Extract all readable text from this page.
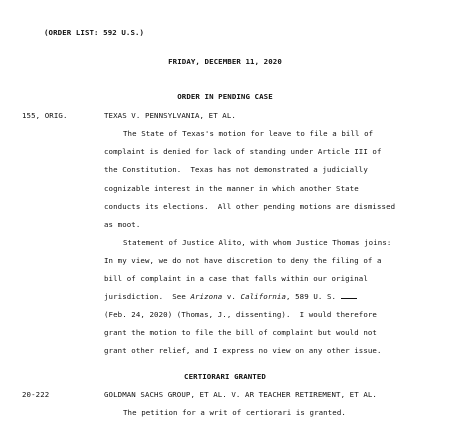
(ORDER LIST: 592 U.S.)
FRIDAY, DECEMBER 11, 2020
ORDER IN PENDING CASE
155, ORIG.	TEXAS V. PENNSYLVANIA, ET AL.
The State of Texas's motion for leave to file a bill of
complaint is denied for lack of standing under Article III of
the Constitution.  Texas has not demonstrated a judicially
cognizable interest in the manner in which another State
conducts its elections.  All other pending motions are dismissed
as moot.
Statement of Justice Alito, with whom Justice Thomas joins:
In my view, we do not have discretion to deny the filing of a
bill of complaint in a case that falls within our original
jurisdiction.  See Arizona v. California, 589 U. S.
(Feb. 24, 2020) (Thomas, J., dissenting).  I would therefore
grant the motion to file the bill of complaint but would not
grant other relief, and I express no view on any other issue.
CERTIORARI GRANTED
20-222	GOLDMAN SACHS GROUP, ET AL. V. AR TEACHER RETIREMENT, ET AL.
The petition for a writ of certiorari is granted.
